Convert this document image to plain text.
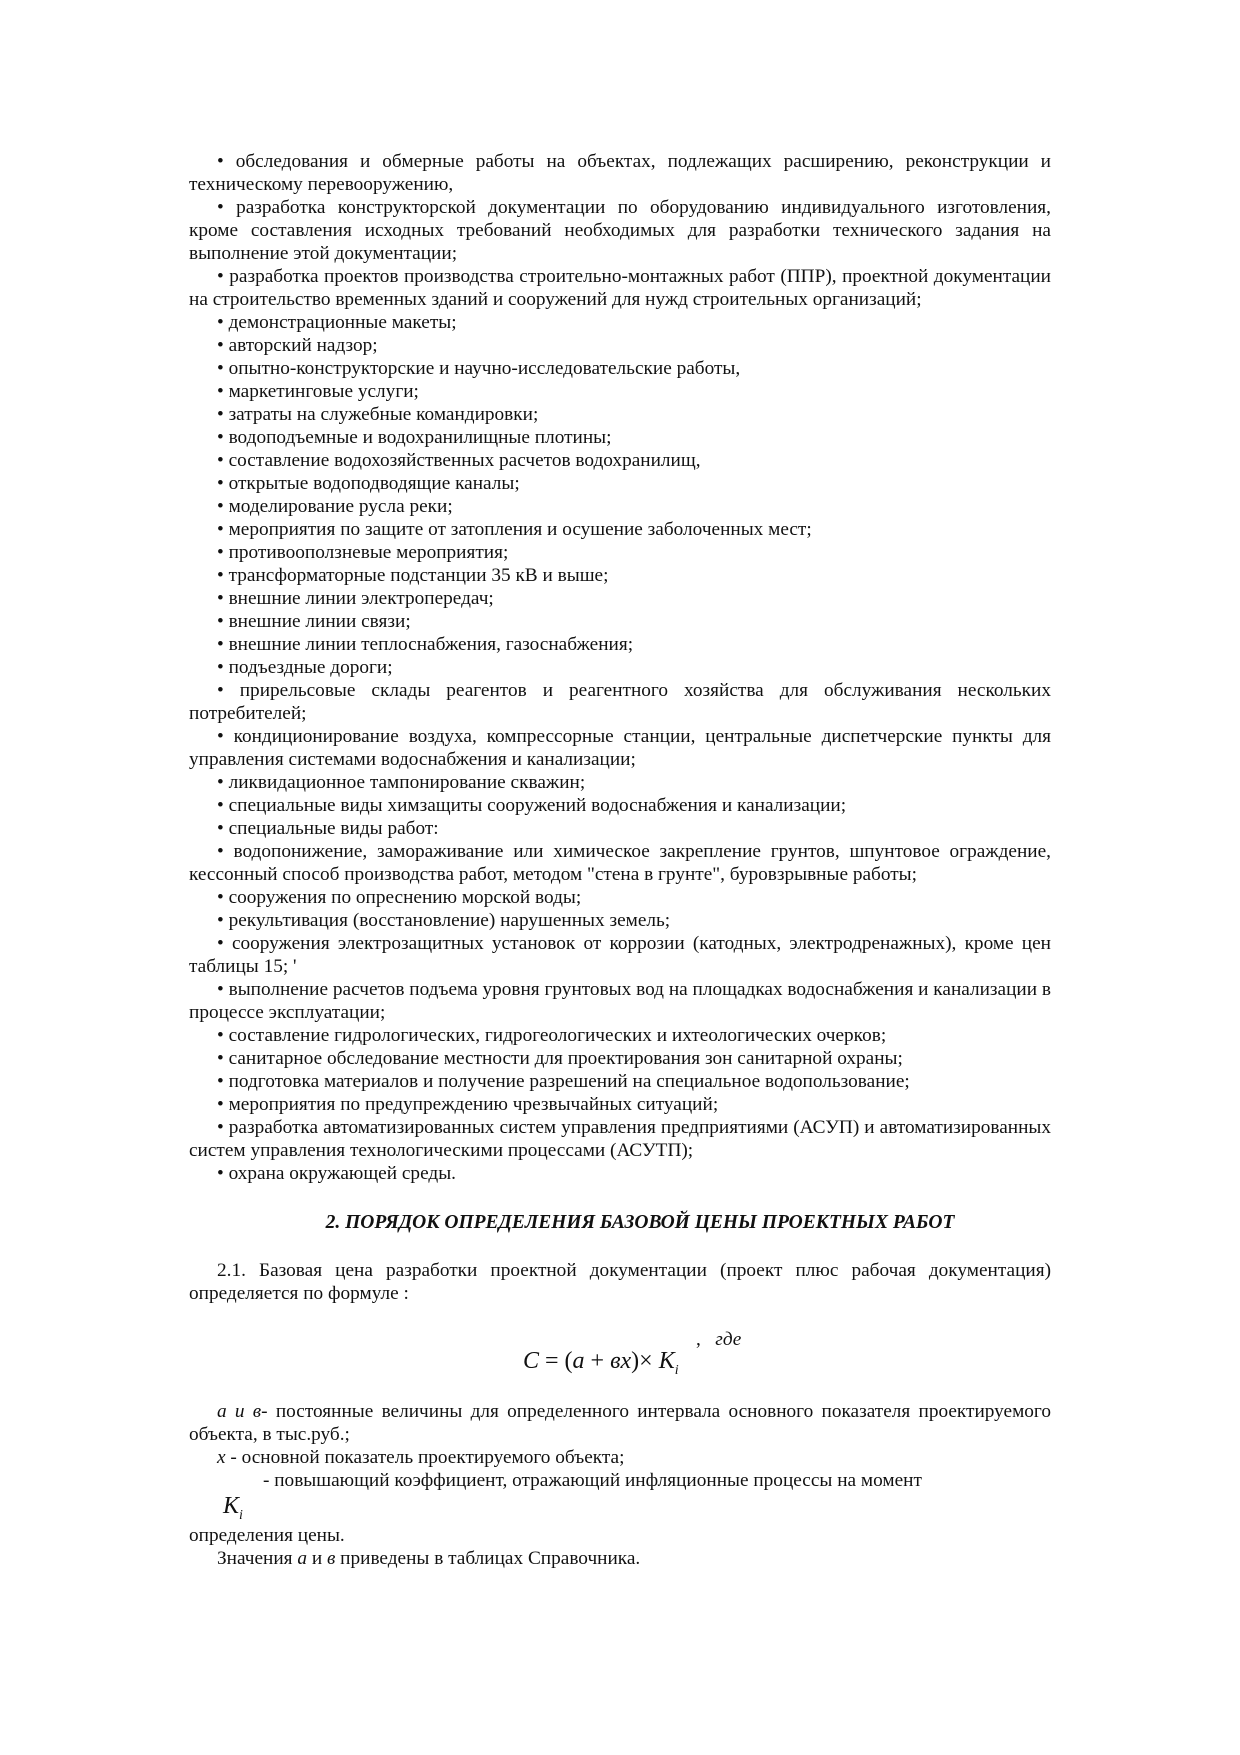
• обследования и обмерные работы на объектах, подлежащих расширению, реконструкции и техническому перевооружению,

• разработка конструкторской документации по оборудованию индивидуального изготовления, кроме составления исходных требований необходимых для разработки технического задания на выполнение этой документации;

• разработка проектов производства строительно-монтажных работ (ППР), проектной документации на строительство временных зданий и сооружений для нужд строительных организаций;

• демонстрационные макеты;

• авторский надзор;

• опытно-конструкторские и научно-исследовательские работы,

• маркетинговые услуги;

• затраты на служебные командировки;

• водоподъемные и водохранилищные плотины;

• составление водохозяйственных расчетов водохранилищ,

• открытые водоподводящие каналы;

• моделирование русла реки;

• мероприятия по защите от затопления и осушение заболоченных мест;

• противооползневые мероприятия;

• трансформаторные подстанции 35 кВ и выше;

• внешние линии электропередач;

• внешние линии связи;

• внешние линии теплоснабжения, газоснабжения;

• подъездные дороги;

• прирельсовые склады реагентов и реагентного хозяйства для обслуживания нескольких потребителей;

• кондиционирование воздуха, компрессорные станции, центральные диспетчерские пункты для управления системами водоснабжения и канализации;

• ликвидационное тампонирование скважин;

• специальные виды химзащиты сооружений водоснабжения и канализации;

• специальные виды работ:

• водопонижение, замораживание или химическое закрепление грунтов, шпунтовое ограждение, кессонный способ производства работ, методом "стена в грунте", буровзрывные работы;

• сооружения по опреснению морской воды;

• рекультивация (восстановление) нарушенных земель;

• сооружения электрозащитных установок от коррозии (катодных, электродренажных), кроме цен таблицы 15; '

• выполнение расчетов подъема уровня грунтовых вод на площадках водоснабжения и канализации в процессе эксплуатации;

• составление гидрологических, гидрогеологических и ихтеологических очерков;

• санитарное обследование местности для проектирования зон санитарной охраны;

• подготовка материалов и получение разрешений на специальное водопользование;

• мероприятия по предупреждению чрезвычайных ситуаций;

• разработка автоматизированных систем управления предприятиями (АСУП) и автоматизированных систем управления технологическими процессами (АСУТП);

• охрана окружающей среды.

2. ПОРЯДОК ОПРЕДЕЛЕНИЯ БАЗОВОЙ ЦЕНЫ ПРОЕКТНЫХ РАБОТ

2.1. Базовая цена разработки проектной документации (проект плюс рабочая документация) определяется по формуле :

, где
$C = (а + вх)\times K_i$

а и в- постоянные величины для определенного интервала основного показателя проектируемого объекта, в тыс.руб.;

х - основной показатель проектируемого объекта;

- повышающий коэффициент, отражающий инфляционные процессы на момент

$K_i$

определения цены.

Значения а и в приведены в таблицах Справочника.
